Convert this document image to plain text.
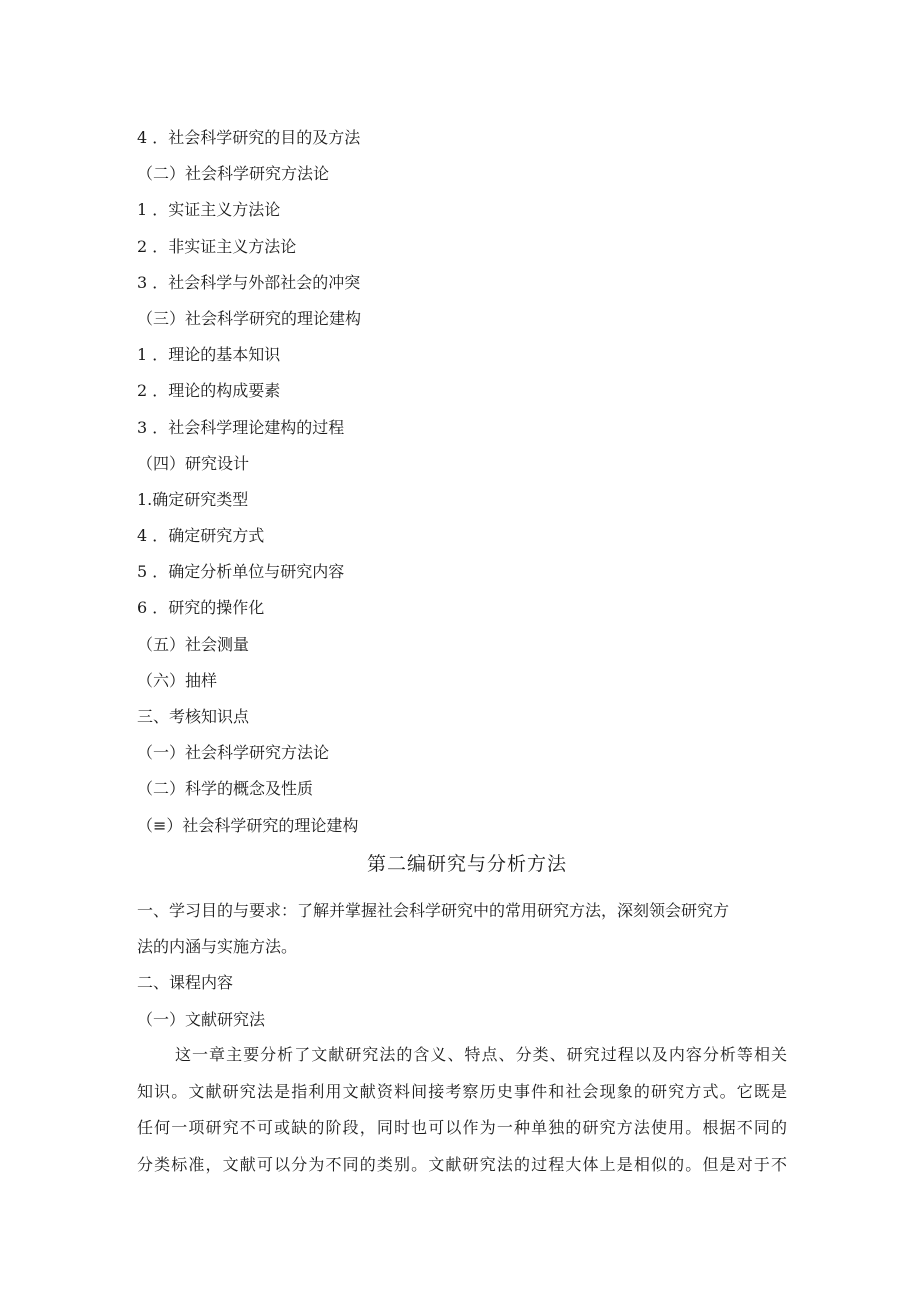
4 ．社会科学研究的目的及方法
（二）社会科学研究方法论
1 ．实证主义方法论
2 ．非实证主义方法论
3 ．社会科学与外部社会的冲突
（三）社会科学研究的理论建构
1 ．理论的基本知识
2 ．理论的构成要素
3 ．社会科学理论建构的过程
（四）研究设计
1.确定研究类型
4 ．确定研究方式
5 ．确定分析单位与研究内容
6 ．研究的操作化
（五）社会测量
（六）抽样
三、考核知识点
（一）社会科学研究方法论
（二）科学的概念及性质
（≡）社会科学研究的理论建构
第二编研究与分析方法
一、学习目的与要求：了解并掌握社会科学研究中的常用研究方法，深刻领会研究方
法的内涵与实施方法。
二、课程内容
（一）文献研究法
这一章主要分析了文献研究法的含义、特点、分类、研究过程以及内容分析等相关
知识。文献研究法是指利用文献资料间接考察历史事件和社会现象的研究方式。它既是
任何一项研究不可或缺的阶段，同时也可以作为一种单独的研究方法使用。根据不同的
分类标准，文献可以分为不同的类别。文献研究法的过程大体上是相似的。但是对于不
